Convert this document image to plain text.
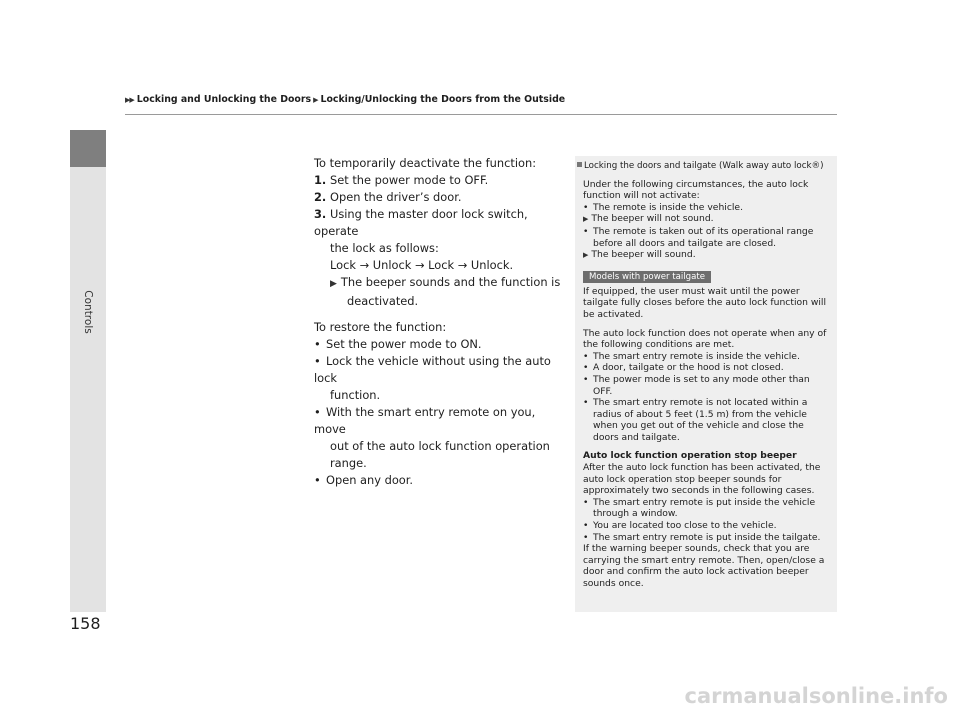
Controls
158
▶▶ Locking and Unlocking the Doors ▶ Locking/Unlocking the Doors from the Outside

To temporarily deactivate the function:

1. Set the power mode to OFF.

2. Open the driver’s door.

3. Using the master door lock switch, operate

the lock as follows:

Lock → Unlock → Lock → Unlock.

▶ The beeper sounds and the function is

deactivated.

To restore the function:

• Set the power mode to ON.

• Lock the vehicle without using the auto lock

function.

• With the smart entry remote on you, move

out of the auto lock function operation

range.

• Open any door.

Locking the doors and tailgate (Walk away auto lock®)

Under the following circumstances, the auto lock

function will not activate:

• The remote is inside the vehicle.

▶ The beeper will not sound.

• The remote is taken out of its operational range

before all doors and tailgate are closed.

▶ The beeper will sound.

Models with power tailgate

If equipped, the user must wait until the power

tailgate fully closes before the auto lock function will

be activated.

The auto lock function does not operate when any of

the following conditions are met.

• The smart entry remote is inside the vehicle.

• A door, tailgate or the hood is not closed.

• The power mode is set to any mode other than OFF.

• The smart entry remote is not located within a

radius of about 5 feet (1.5 m) from the vehicle

when you get out of the vehicle and close the

doors and tailgate.

Auto lock function operation stop beeper

After the auto lock function has been activated, the

auto lock operation stop beeper sounds for

approximately two seconds in the following cases.

• The smart entry remote is put inside the vehicle

through a window.

• You are located too close to the vehicle.

• The smart entry remote is put inside the tailgate.

If the warning beeper sounds, check that you are

carrying the smart entry remote. Then, open/close a

door and confirm the auto lock activation beeper

sounds once.

carmanualsonline.info
